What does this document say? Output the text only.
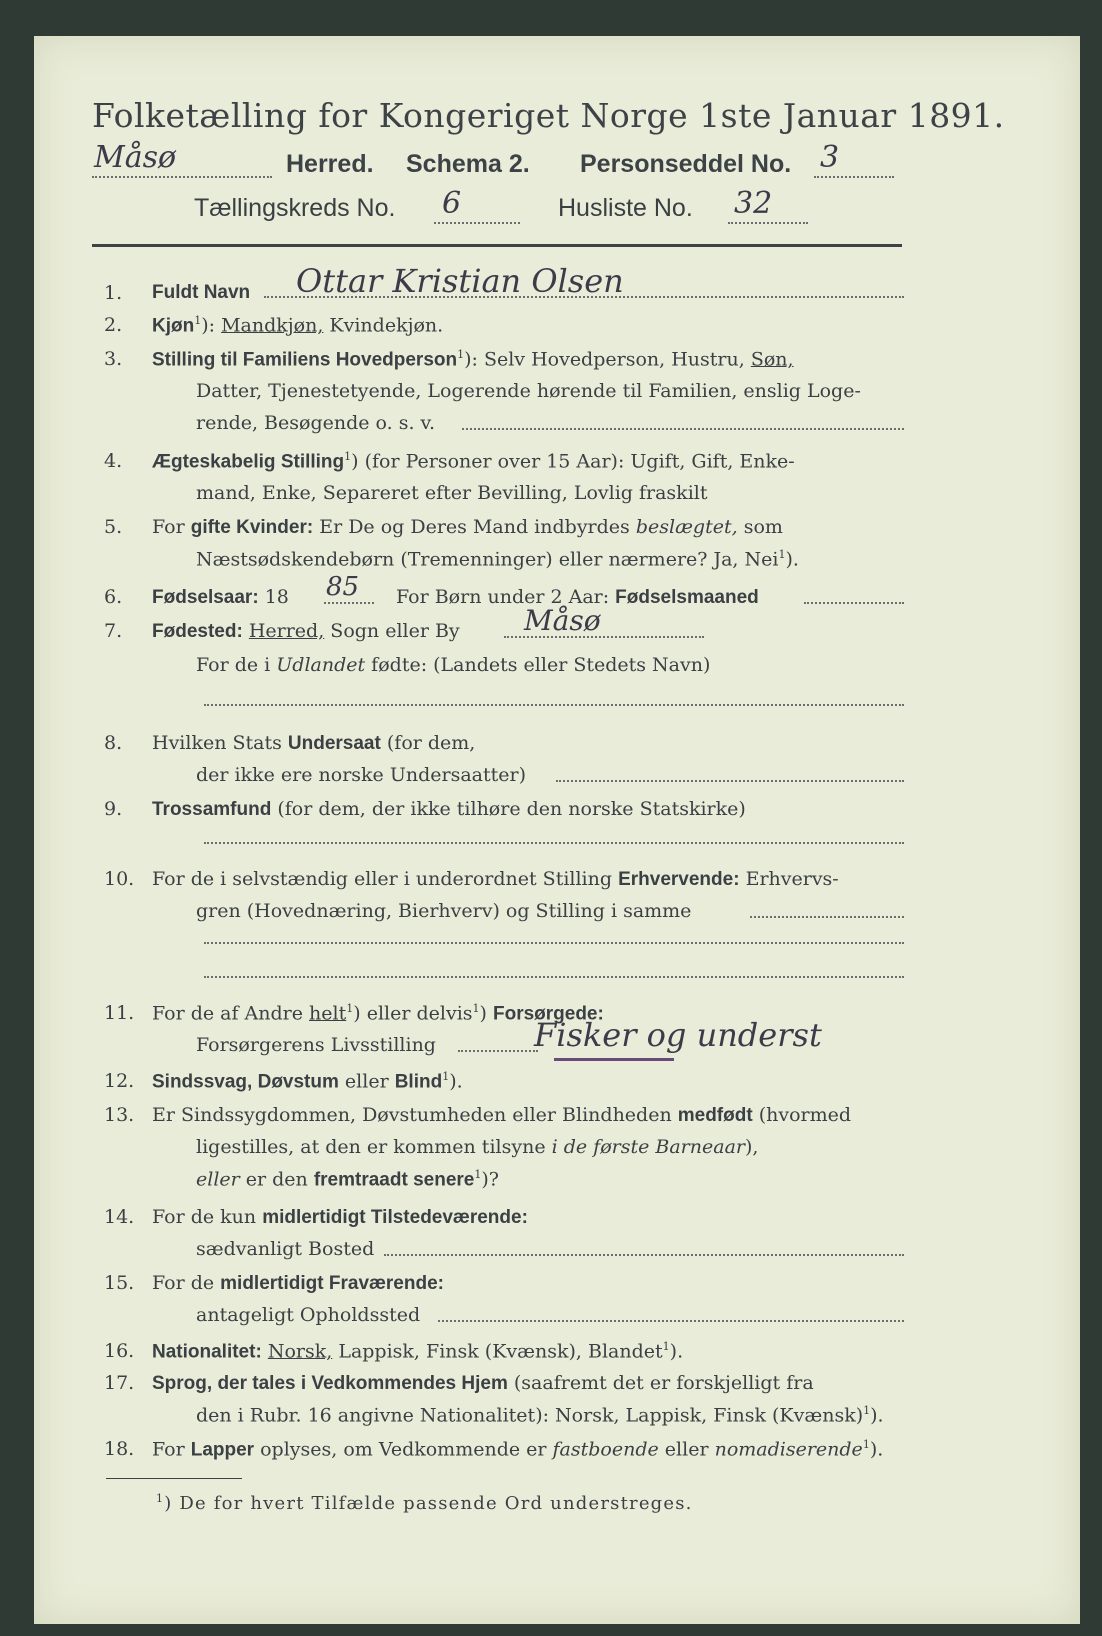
Folketælling for Kongeriget Norge 1ste Januar 1891.
Måsø	Herred. Schema 2. Personseddel No. 3
Tællingskreds No. 6	Husliste No. 32
1. Fuldt Navn Ottar Kristian Olsen
2. Kjøn$^1$): Mandkjøn, Kvindekjøn.
3. Stilling til Familiens Hovedperson$^1$): Selv Hovedperson, Hustru, Søn,
Datter, Tjenestetyende, Logerende hørende til Familien, enslig Loge-
rende, Besøgende o. s. v.
4. Ægteskabelig Stilling$^1$) (for Personer over 15 Aar): Ugift, Gift, Enke-
mand, Enke, Separeret efter Bevilling, Lovlig fraskilt
5. For gifte Kvinder: Er De og Deres Mand indbyrdes beslægtet, som
Næstsødskendebørn (Tremenninger) eller nærmere? Ja, Nei$^1$).
6. Fødselsaar: 18 85 For Børn under 2 Aar: Fødselsmaaned
7. Fødested: Herred, Sogn eller By Måsø
For de i Udlandet fødte: (Landets eller Stedets Navn)
8. Hvilken Stats Undersaat (for dem,
der ikke ere norske Undersaatter)
9. Trossamfund (for dem, der ikke tilhøre den norske Statskirke)
10. For de i selvstændig eller i underordnet Stilling Erhvervende: Erhvervs-
gren (Hovednæring, Bierhverv) og Stilling i samme
11. For de af Andre helt$^1$) eller delvis$^1$) Forsørgede:
Forsørgerens Livsstilling	Fisker og underst
12. Sindssvag, Døvstum eller Blind$^1$).
13. Er Sindssygdommen, Døvstumheden eller Blindheden medfødt (hvormed
ligestilles, at den er kommen tilsyne i de første Barneaar),
eller er den fremtraadt senere$^1$)?
14. For de kun midlertidigt Tilstedeværende:
sædvanligt Bosted
15. For de midlertidigt Fraværende:
antageligt Opholdssted
16. Nationalitet: Norsk, Lappisk, Finsk (Kvænsk), Blandet$^1$).
17. Sprog, der tales i Vedkommendes Hjem (saafremt det er forskjelligt fra
den i Rubr. 16 angivne Nationalitet): Norsk, Lappisk, Finsk (Kvænsk)$^1$).
18. For Lapper oplyses, om Vedkommende er fastboende eller nomadiserende$^1$).
$^1$) De for hvert Tilfælde passende Ord understreges.
